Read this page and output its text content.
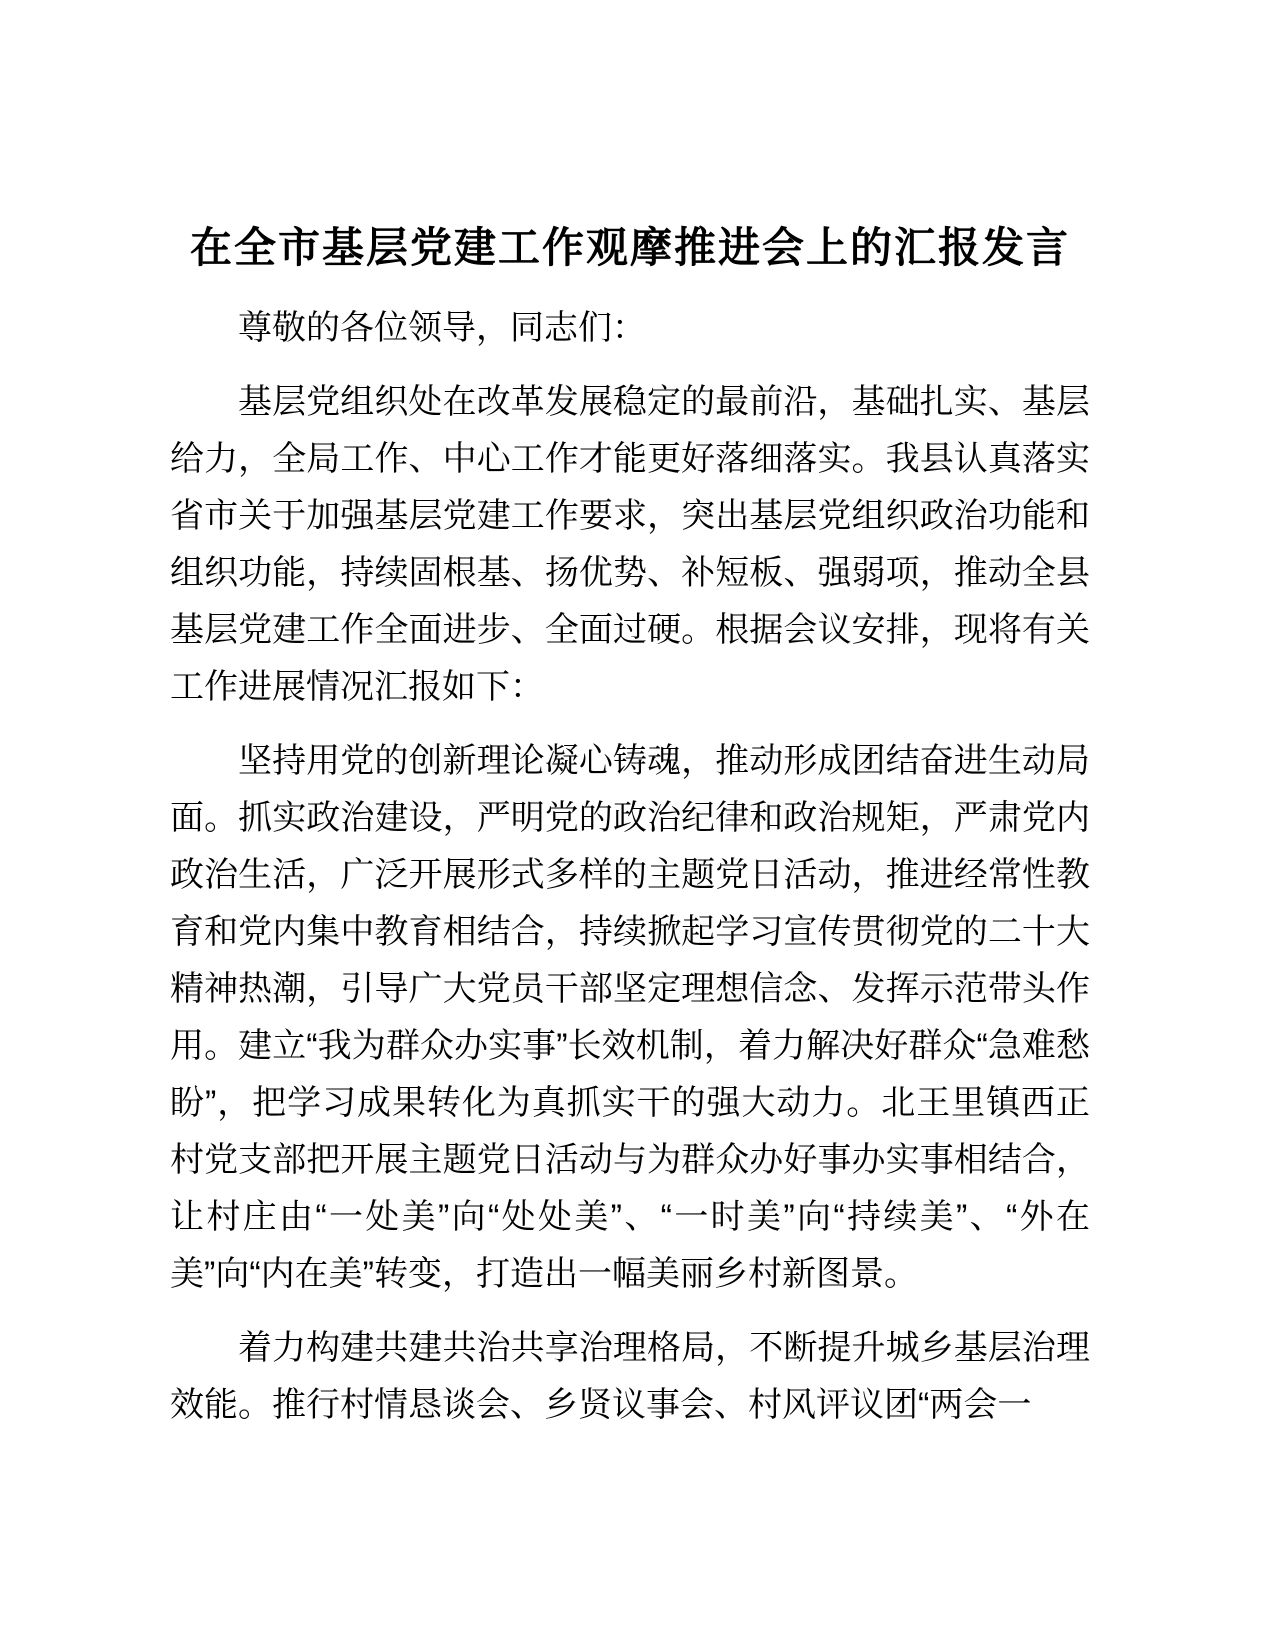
在全市基层党建工作观摩推进会上的汇报发言

尊敬的各位领导，同志们：

基层党组织处在改革发展稳定的最前沿，基础扎实、基层给力，全局工作、中心工作才能更好落细落实。我县认真落实省市关于加强基层党建工作要求，突出基层党组织政治功能和组织功能，持续固根基、扬优势、补短板、强弱项，推动全县基层党建工作全面进步、全面过硬。根据会议安排，现将有关工作进展情况汇报如下：

坚持用党的创新理论凝心铸魂，推动形成团结奋进生动局面。抓实政治建设，严明党的政治纪律和政治规矩，严肃党内政治生活，广泛开展形式多样的主题党日活动，推进经常性教育和党内集中教育相结合，持续掀起学习宣传贯彻党的二十大精神热潮，引导广大党员干部坚定理想信念、发挥示范带头作用。建立“我为群众办实事”长效机制，着力解决好群众“急难愁盼”，把学习成果转化为真抓实干的强大动力。北王里镇西正村党支部把开展主题党日活动与为群众办好事办实事相结合，让村庄由“一处美”向“处处美”、“一时美”向“持续美”、“外在美”向“内在美”转变，打造出一幅美丽乡村新图景。

着力构建共建共治共享治理格局，不断提升城乡基层治理效能。推行村情恳谈会、乡贤议事会、村风评议团“两会一
